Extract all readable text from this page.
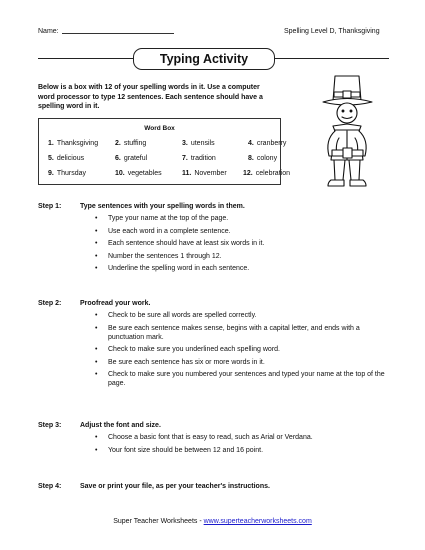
Name:	Spelling Level D, Thanksgiving
Typing Activity
Below is a box with 12 of your spelling words in it. Use a computer word processor to type 12 sentences. Each sentence should have a spelling word in it.
Word Box
1. Thanksgiving 2. stuffing	3. utensils	4. cranberry
5. delicious	6. grateful	7. tradition	8. colony
9. Thursday	10. vegetables	11. November 12. celebration
Step 1:	Type sentences with your spelling words in them.
• Type your name at the top of the page.
• Use each word in a complete sentence.
• Each sentence should have at least six words in it.
• Number the sentences 1 through 12.
• Underline the spelling word in each sentence.
Step 2:	Proofread your work.
• Check to be sure all words are spelled correctly.
• Be sure each sentence makes sense, begins with a capital letter, and ends with a punctuation mark.
• Check to make sure you underlined each spelling word.
• Be sure each sentence has six or more words in it.
• Check to make sure you numbered your sentences and typed your name at the top of the page.
Step 3:	Adjust the font and size.
• Choose a basic font that is easy to read, such as Arial or Verdana.
• Your font size should be between 12 and 16 point.
Step 4:	Save or print your file, as per your teacher's instructions.
Super Teacher Worksheets - www.superteacherworksheets.com
